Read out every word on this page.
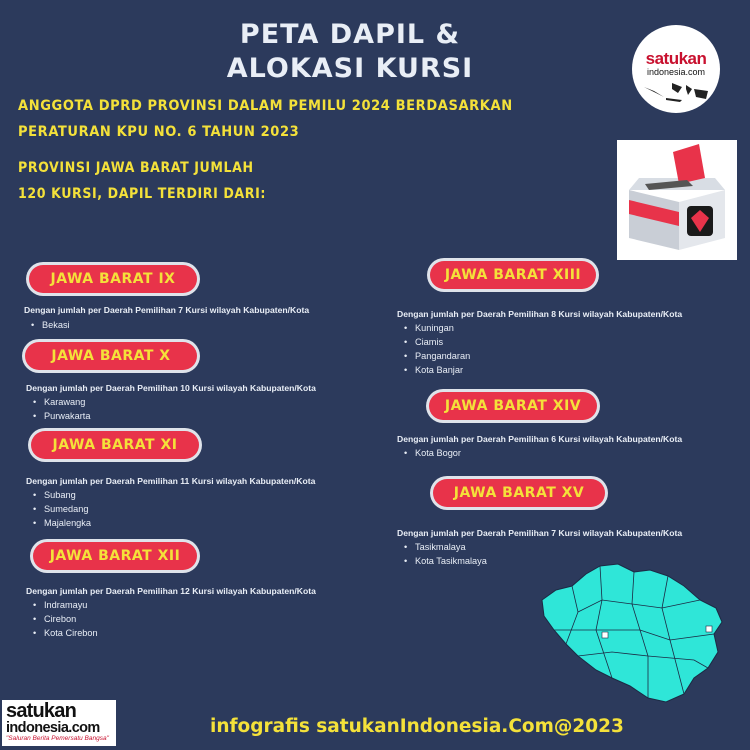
PETA DAPIL &
ALOKASI KURSI	satukan
indonesia.com
ANGGOTA DPRD PROVINSI DALAM PEMILU 2024 BERDASARKAN
PERATURAN KPU NO. 6 TAHUN 2023
PROVINSI JAWA BARAT JUMLAH
120 KURSI, DAPIL TERDIRI DARI:
JAWA BARAT IX
Dengan jumlah per Daerah Pemilihan 7 Kursi wilayah Kabupaten/Kota
• Bekasi
JAWA BARAT X
Dengan jumlah per Daerah Pemilihan 10 Kursi wilayah Kabupaten/Kota
• Karawang
• Purwakarta
JAWA BARAT XI
Dengan jumlah per Daerah Pemilihan 11 Kursi wilayah Kabupaten/Kota
• Subang
• Sumedang
• Majalengka
JAWA BARAT XII
Dengan jumlah per Daerah Pemilihan 12 Kursi wilayah Kabupaten/Kota
• Indramayu
• Cirebon
• Kota Cirebon
JAWA BARAT XIII
Dengan jumlah per Daerah Pemilihan 8 Kursi wilayah Kabupaten/Kota
• Kuningan
• Ciamis
• Pangandaran
• Kota Banjar
JAWA BARAT XIV
Dengan jumlah per Daerah Pemilihan 6 Kursi wilayah Kabupaten/Kota
• Kota Bogor
JAWA BARAT XV
Dengan jumlah per Daerah Pemilihan 7 Kursi wilayah Kabupaten/Kota
• Tasikmalaya
• Kota Tasikmalaya
satukan
indonesia.com
"Saluran Berita Pemersatu Bangsa"
infografis satukanIndonesia.Com@2023
